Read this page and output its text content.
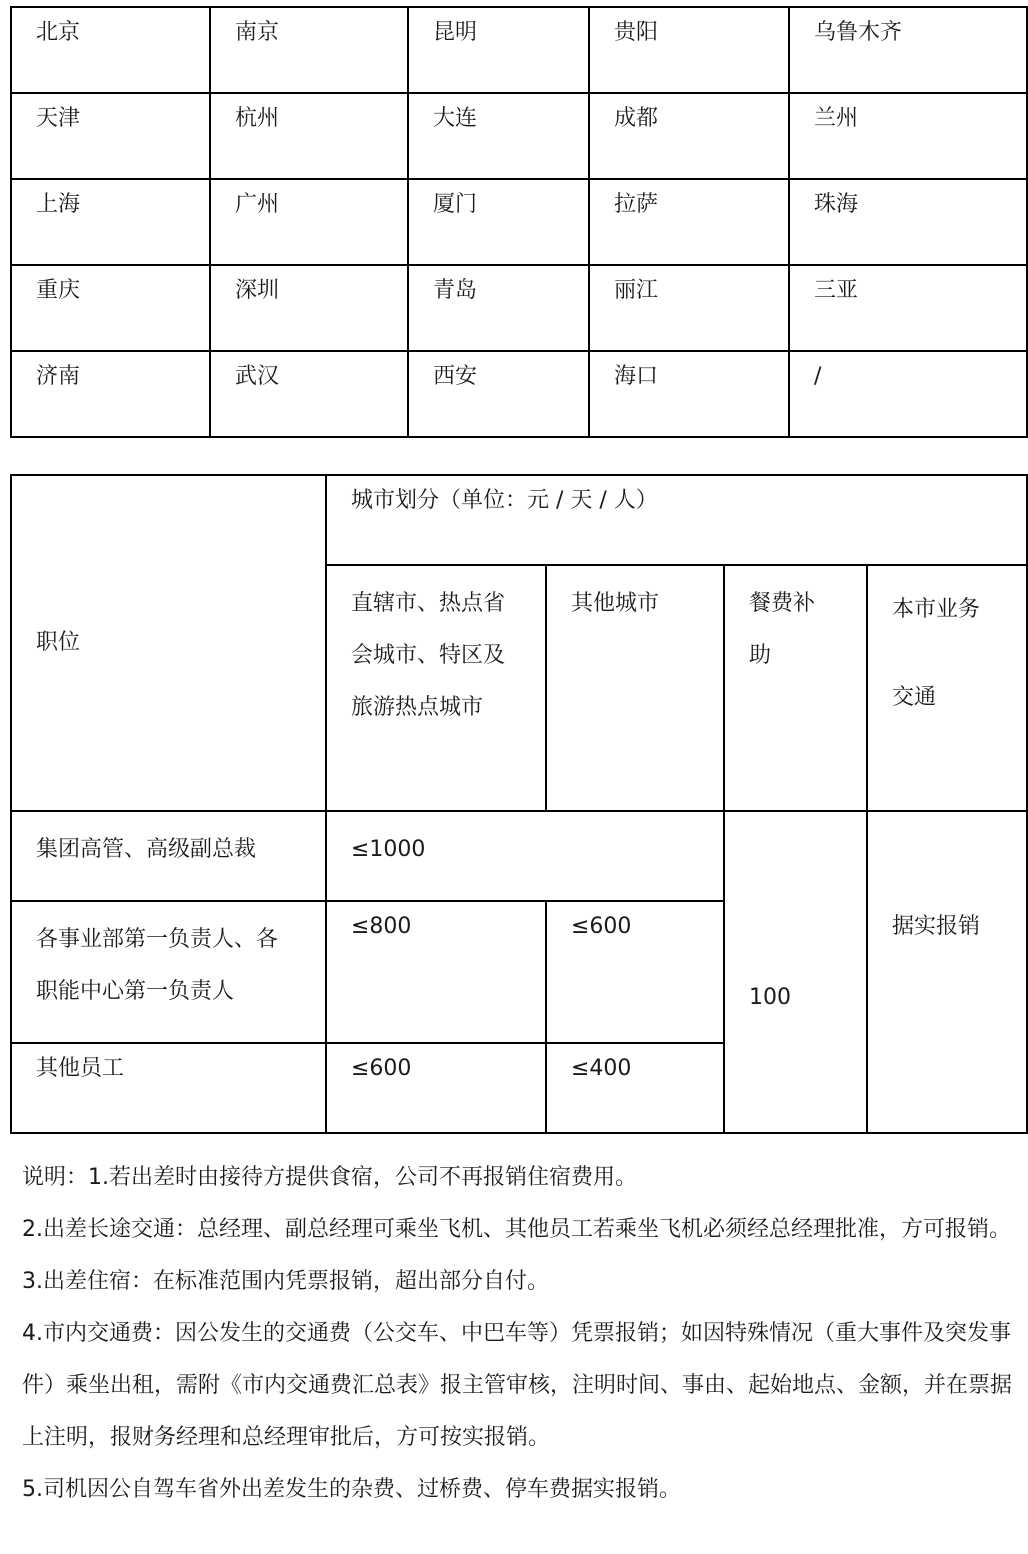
北京	南京	昆明	贵阳	乌鲁木齐
天津	杭州	大连	成都	兰州
上海	广州	厦门	拉萨	珠海
重庆	深圳	青岛	丽江	三亚
济南	武汉	西安	海口	/
职位	城市划分（单位：元 / 天 / 人）			
	直辖市、热点省会城市、特区及旅游热点城市	其他城市	餐费补助	本市业务交通
集团高管、高级副总裁	≤1000		100	据实报销
各事业部第一负责人、各职能中心第一负责人	≤800	≤600		
其他员工	≤600	≤400		

说明：1.若出差时由接待方提供食宿，公司不再报销住宿费用。

2.出差长途交通：总经理、副总经理可乘坐飞机、其他员工若乘坐飞机必须经总经理批准，方可报销。

3.出差住宿：在标准范围内凭票报销，超出部分自付。

4.市内交通费：因公发生的交通费（公交车、中巴车等）凭票报销；如因特殊情况（重大事件及突发事件）乘坐出租，需附《市内交通费汇总表》报主管审核，注明时间、事由、起始地点、金额，并在票据上注明，报财务经理和总经理审批后，方可按实报销。

5.司机因公自驾车省外出差发生的杂费、过桥费、停车费据实报销。
